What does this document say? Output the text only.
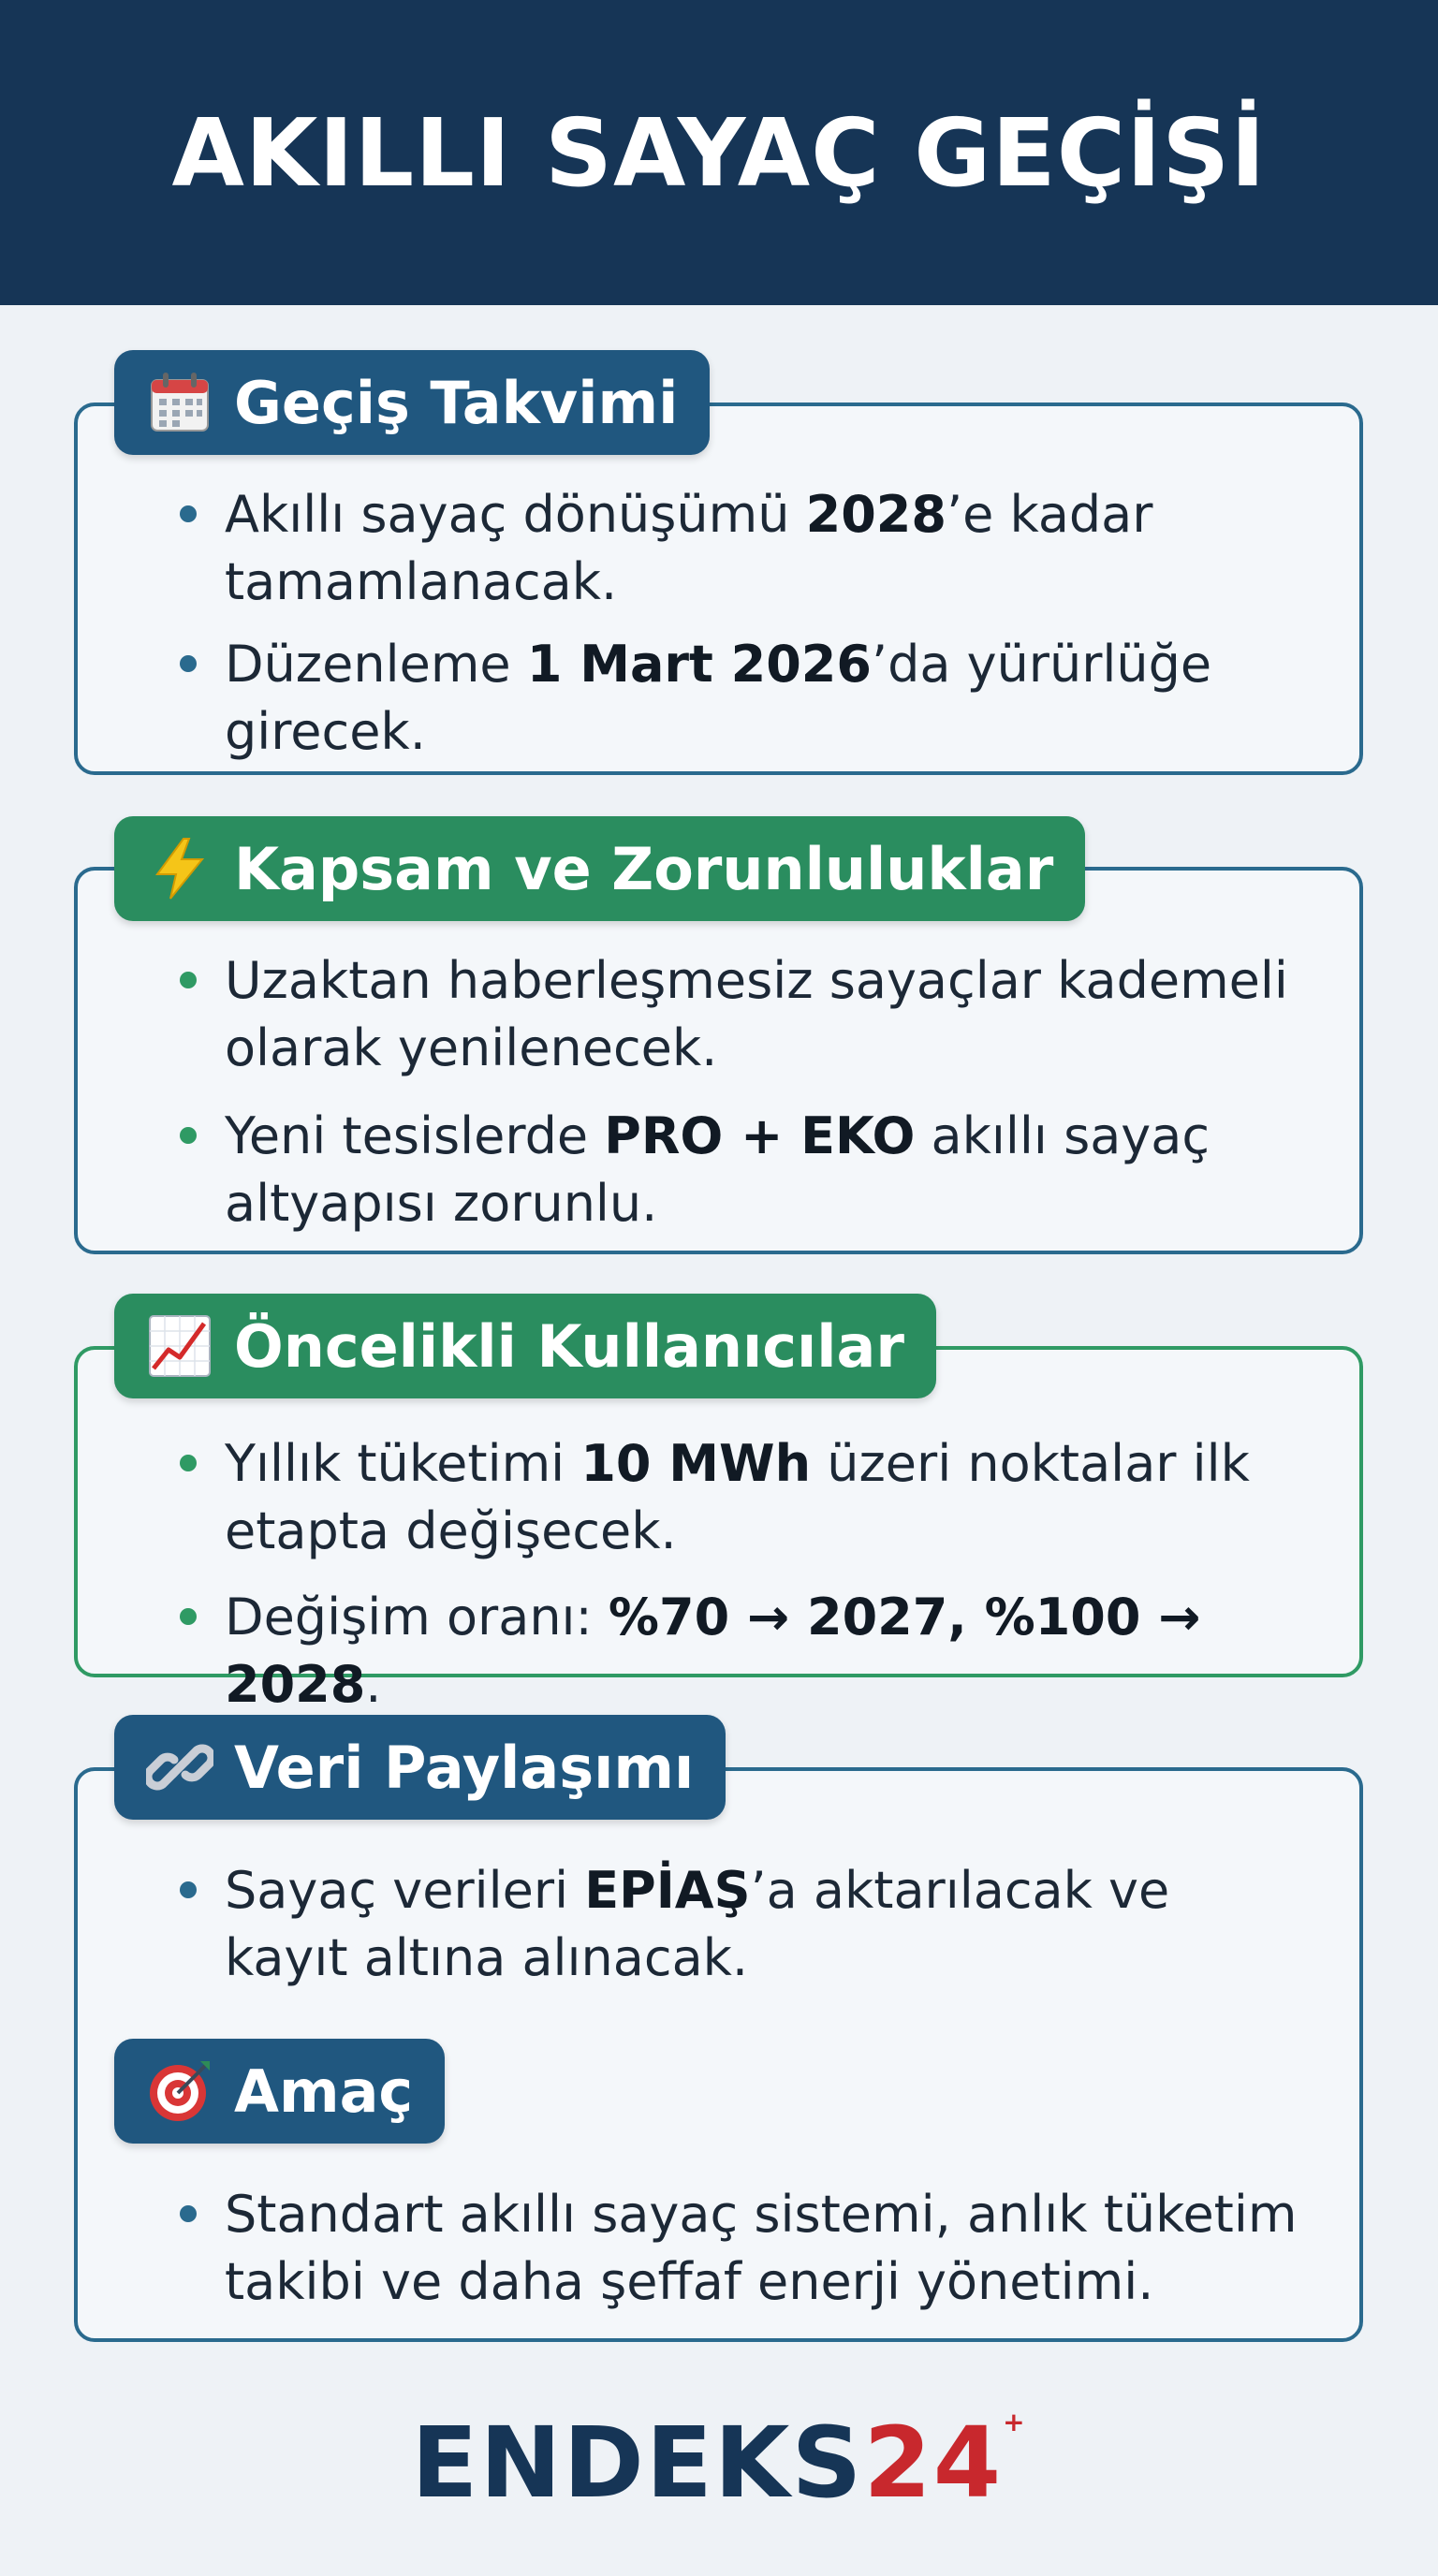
AKILLI SAYAÇ GEÇİŞİ
Geçiş Takvimi
Akıllı sayaç dönüşümü 2028’e kadar tamamlanacak.
Düzenleme 1 Mart 2026’da yürürlüğe girecek.
Kapsam ve Zorunluluklar
Uzaktan haberleşmesiz sayaçlar kademeli olarak yenilenecek.
Yeni tesislerde PRO + EKO akıllı sayaç altyapısı zorunlu.
Öncelikli Kullanıcılar
Yıllık tüketimi 10 MWh üzeri noktalar ilk etapta değişecek.
Değişim oranı: %70 → 2027, %100 → 2028.
Veri Paylaşımı
Sayaç verileri EPİAŞ’a aktarılacak ve kayıt altına alınacak.
Amaç
Standart akıllı sayaç sistemi, anlık tüketim takibi ve daha şeffaf enerji yönetimi.
ENDEKS24+
